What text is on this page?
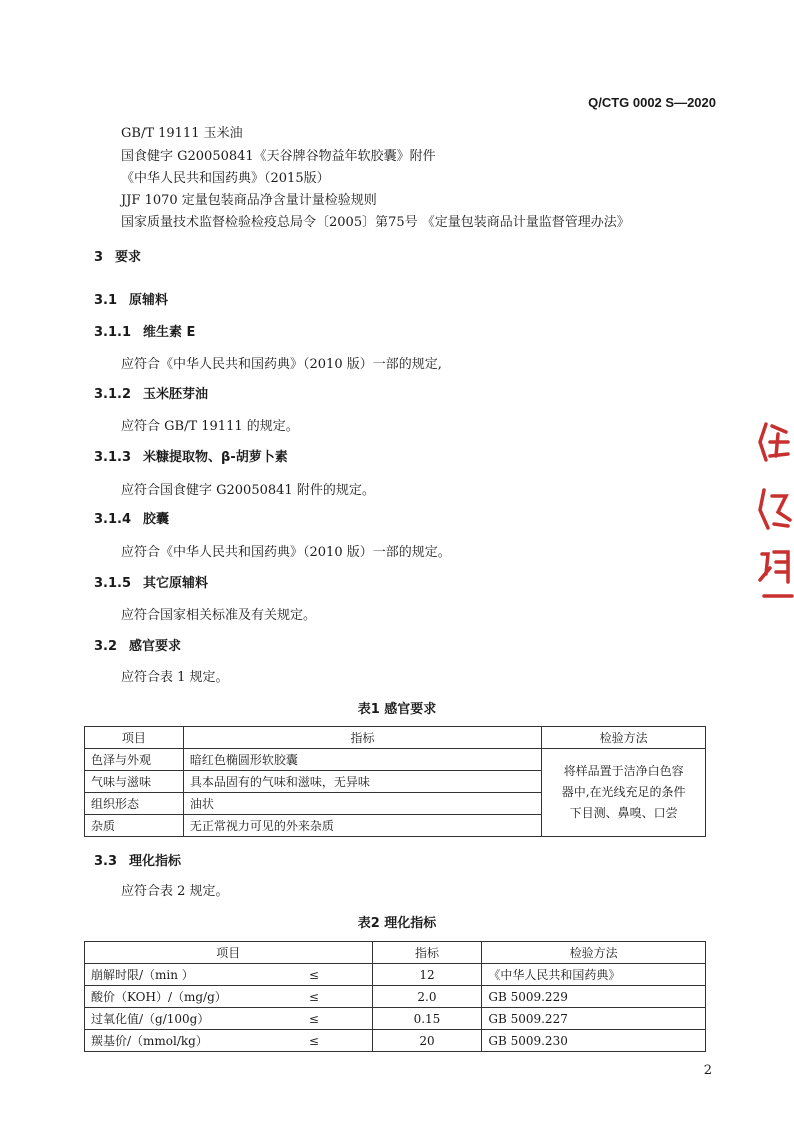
Q/CTG 0002 S—2020
GB/T 19111 玉米油
国食健字 G20050841《天谷牌谷物益年软胶囊》附件
《中华人民共和国药典》（2015版）
JJF 1070 定量包装商品净含量计量检验规则
国家质量技术监督检验检疫总局令〔2005〕第75号 《定量包装商品计量监督管理办法》
3 要求
3.1 原辅料
3.1.1 维生素 E
应符合《中华人民共和国药典》（2010 版）一部的规定,
3.1.2 玉米胚芽油
应符合 GB/T 19111 的规定。
3.1.3 米糠提取物、β-胡萝卜素
应符合国食健字 G20050841 附件的规定。
3.1.4 胶囊
应符合《中华人民共和国药典》（2010 版）一部的规定。
3.1.5 其它原辅料
应符合国家相关标准及有关规定。
3.2 感官要求
应符合表 1 规定。
表1 感官要求
项目	指标	检验方法
色泽与外观	暗红色椭圆形软胶囊	将样品置于洁净白色容器中,在光线充足的条件下目测、鼻嗅、口尝
气味与滋味	具本品固有的气味和滋味，无异味	
组织形态	油状	
杂质	无正常视力可见的外来杂质	
3.3 理化指标
应符合表 2 规定。
表2 理化指标
项目		指标	检验方法
崩解时限/（min ）	≤	12	《中华人民共和国药典》
酸价（KOH）/（mg/g）	≤	2.0	GB 5009.229
过氧化值/（g/100g）	≤	0.15	GB 5009.227
羰基价/（mmol/kg）	≤	20	GB 5009.230
2
